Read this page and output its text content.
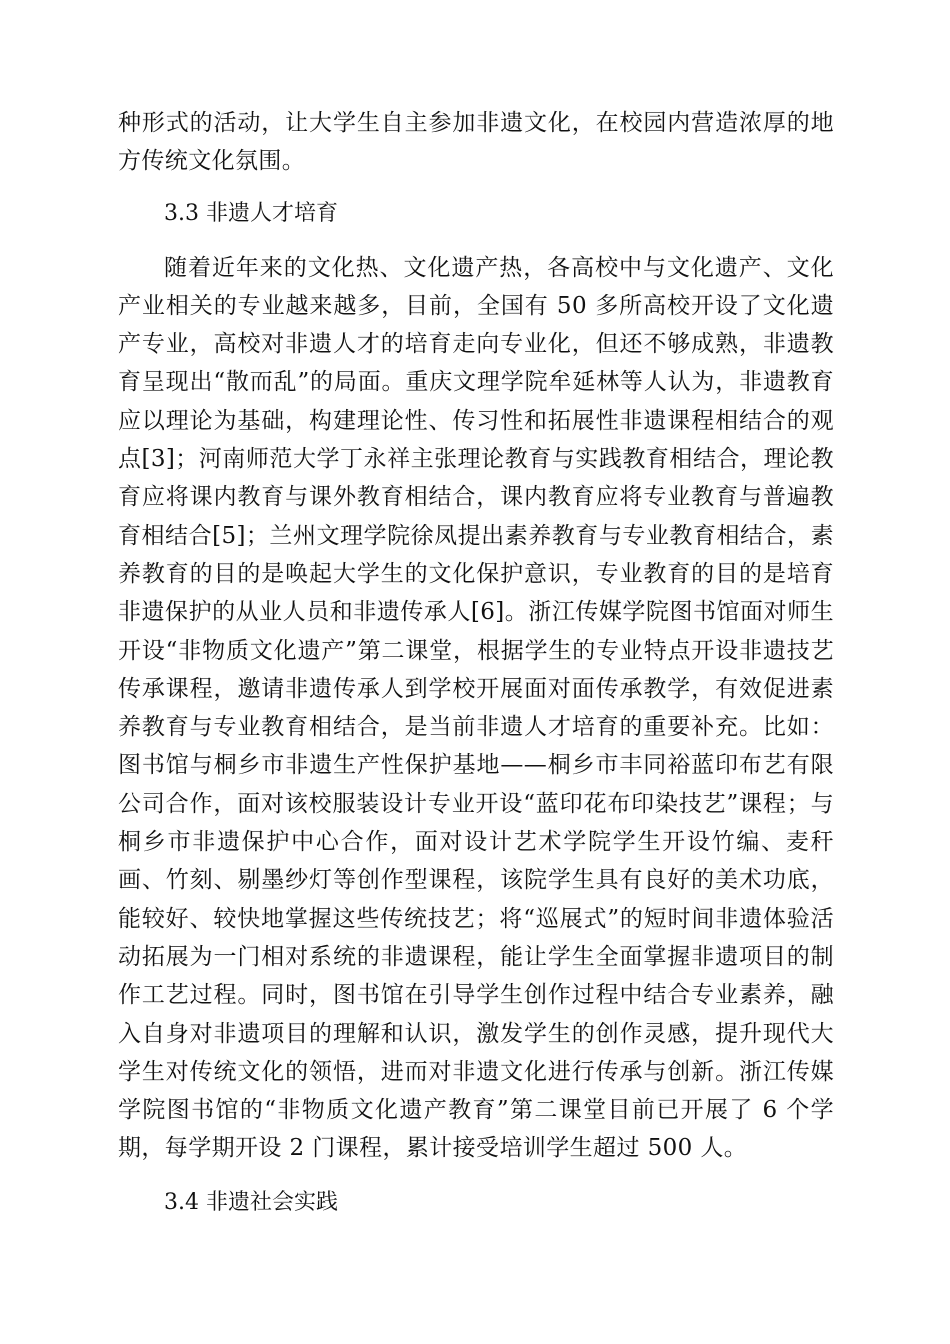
种形式的活动，让大学生自主参加非遗文化，在校园内营造浓厚的地方传统文化氛围。

3.3 非遗人才培育

随着近年来的文化热、文化遗产热，各高校中与文化遗产、文化产业相关的专业越来越多，目前，全国有 50 多所高校开设了文化遗产专业，高校对非遗人才的培育走向专业化，但还不够成熟，非遗教育呈现出“散而乱”的局面。重庆文理学院牟延林等人认为，非遗教育应以理论为基础，构建理论性、传习性和拓展性非遗课程相结合的观点[3]；河南师范大学丁永祥主张理论教育与实践教育相结合，理论教育应将课内教育与课外教育相结合，课内教育应将专业教育与普遍教育相结合[5]；兰州文理学院徐凤提出素养教育与专业教育相结合，素养教育的目的是唤起大学生的文化保护意识，专业教育的目的是培育非遗保护的从业人员和非遗传承人[6]。浙江传媒学院图书馆面对师生开设“非物质文化遗产”第二课堂，根据学生的专业特点开设非遗技艺传承课程，邀请非遗传承人到学校开展面对面传承教学，有效促进素养教育与专业教育相结合，是当前非遗人才培育的重要补充。比如：图书馆与桐乡市非遗生产性保护基地——桐乡市丰同裕蓝印布艺有限公司合作，面对该校服装设计专业开设“蓝印花布印染技艺”课程；与桐乡市非遗保护中心合作，面对设计艺术学院学生开设竹编、麦秆画、竹刻、剔墨纱灯等创作型课程，该院学生具有良好的美术功底，能较好、较快地掌握这些传统技艺；将“巡展式”的短时间非遗体验活动拓展为一门相对系统的非遗课程，能让学生全面掌握非遗项目的制作工艺过程。同时，图书馆在引导学生创作过程中结合专业素养，融入自身对非遗项目的理解和认识，激发学生的创作灵感，提升现代大学生对传统文化的领悟，进而对非遗文化进行传承与创新。浙江传媒学院图书馆的“非物质文化遗产教育”第二课堂目前已开展了 6 个学期，每学期开设 2 门课程，累计接受培训学生超过 500 人。

3.4 非遗社会实践
